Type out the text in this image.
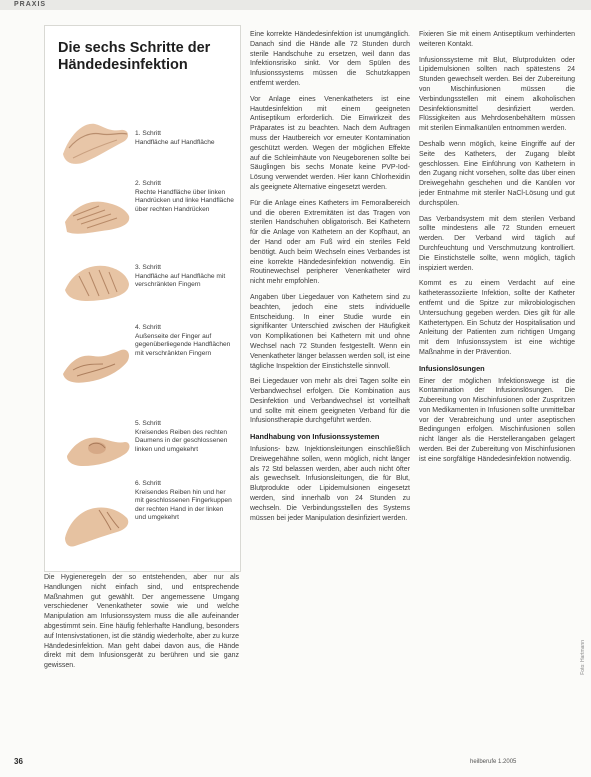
PRAXIS
Die sechs Schritte der Händedesinfektion
1. Schritt
Handfläche auf Handfläche
2. Schritt
Rechte Handfläche über linken Handrücken und linke Handfläche über rechten Handrücken
3. Schritt
Handfläche auf Handfläche mit verschränkten Fingern
4. Schritt
Außenseite der Finger auf gegenüberliegende Handflächen mit verschränkten Fingern
5. Schritt
Kreisendes Reiben des rechten Daumens in der geschlossenen linken und umgekehrt
6. Schritt
Kreisendes Reiben hin und her mit geschlossenen Fingerkuppen der rechten Hand in der linken und umgekehrt

Die Hygieneregeln der so entstehenden, aber nur als Handlungen nicht einfach sind, und entsprechende Maßnahmen gut gewählt. Der angemessene Umgang verschiedener Venenkatheter sowie wie und welche Manipulation am Infusionssystem muss die alle aufeinander abgestimmt sein. Eine häufig fehlerhafte Handlung, besonders auf Intensivstationen, ist die ständig wiederholte, aber zu kurze Händedesinfektion. Man geht dabei davon aus, die Hände direkt mit dem Infusionsgerät zu berühren und sie ganz gewissen.

Eine korrekte Händedesinfektion ist unumgänglich. Danach sind die Hände alle 72 Stunden durch sterile Handschuhe zu ersetzen, weil dann das Infektionsrisiko sinkt. Vor dem Spülen des Infusionssystems müssen die Schutzkappen entfernt werden.

Vor Anlage eines Venenkatheters ist eine Hautdesinfektion mit einem geeigneten Antiseptikum erforderlich. Die Einwirkzeit des Präparates ist zu beachten. Nach dem Auftragen muss der Hautbereich vor erneuter Kontamination geschützt werden. Wegen der möglichen Effekte auf die Schleimhäute von Neugeborenen sollte bei Säuglingen bis sechs Monate keine PVP-Iod-Lösung verwendet werden. Hier kann Chlorhexidin als geeignete Alternative eingesetzt werden.

Für die Anlage eines Katheters im Femoralbereich und die oberen Extremitäten ist das Tragen von sterilen Handschuhen obligatorisch. Bei Kathetern für die Anlage von Kathetern an der Kopfhaut, an der Hand oder am Fuß wird ein steriles Feld benötigt. Auch beim Wechseln eines Verbandes ist eine korrekte Händedesinfektion notwendig. Ein Routinewechsel peripherer Venenkatheter wird nicht mehr empfohlen.

Angaben über Liegedauer von Kathetern sind zu beachten, jedoch eine stets individuelle Entscheidung. In einer Studie wurde ein signifikanter Unterschied zwischen der Häufigkeit von Komplikationen bei Kathetern mit und ohne Wechsel nach 72 Stunden festgestellt. Wenn ein Venenkatheter länger belassen werden soll, ist eine tägliche Inspektion der Einstichstelle sinnvoll.

Bei Liegedauer von mehr als drei Tagen sollte ein Verbandwechsel erfolgen. Die Kombination aus Desinfektion und Verbandwechsel ist vorteilhaft und sollte mit einem geeigneten Verband für die Infusionstherapie durchgeführt werden.

Handhabung von Infusionssystemen

Infusions- bzw. Injektionsleitungen einschließlich Dreiwegehähne sollen, wenn möglich, nicht länger als 72 Std belassen werden, aber auch nicht öfter als gewechselt. Infusionsleitungen, die für Blut, Blutprodukte oder Lipidemulsionen eingesetzt werden, sind innerhalb von 24 Stunden zu wechseln. Die Verbindungsstellen des Systems müssen bei jeder Manipulation desinfiziert werden.

Fixieren Sie mit einem Antiseptikum verhinderten weiteren Kontakt.

Infusionssysteme mit Blut, Blutprodukten oder Lipidemulsionen sollten nach spätestens 24 Stunden gewechselt werden. Bei der Zubereitung von Mischinfusionen müssen die Verbindungsstellen mit einem alkoholischen Desinfektionsmittel desinfiziert werden. Flüssigkeiten aus Mehrdosenbehältern müssen mit sterilen Einmalkanülen entnommen werden.

Deshalb wenn möglich, keine Eingriffe auf der Seite des Katheters, der Zugang bleibt geschlossen. Eine Einführung von Kathetern in den Zugang nicht vorsehen, sollte das über einen Dreiwegehahn geschehen und die Kanülen vor jeder Entnahme mit steriler NaCl-Lösung und gut durchspülen.

Das Verbandsystem mit dem sterilen Verband sollte mindestens alle 72 Stunden erneuert werden. Der Verband wird täglich auf Durchfeuchtung und Verschmutzung kontrolliert. Die Einstichstelle sollte, wenn möglich, täglich inspiziert werden.

Kommt es zu einem Verdacht auf eine katheterassoziierte Infektion, sollte der Katheter entfernt und die Spitze zur mikrobiologischen Untersuchung gegeben werden. Dies gilt für alle Kathetertypen. Ein Schutz der Hospitalisation und Anleitung der Patienten zum richtigen Umgang mit dem Infusionssystem ist eine wichtige Maßnahme in der Prävention.

Infusionslösungen

Einer der möglichen Infektionswege ist die Kontamination der Infusionslösungen. Die Zubereitung von Mischinfusionen oder Zuspritzen von Medikamenten in Infusionen sollte unmittelbar vor der Verabreichung und unter aseptischen Bedingungen erfolgen. Mischinfusionen sollen nicht länger als die Herstellerangaben gelagert werden. Bei der Zubereitung von Mischinfusionen ist eine sorgfältige Händedesinfektion notwendig.

Foto: Hartmann
36	heilberufe 1.2005
